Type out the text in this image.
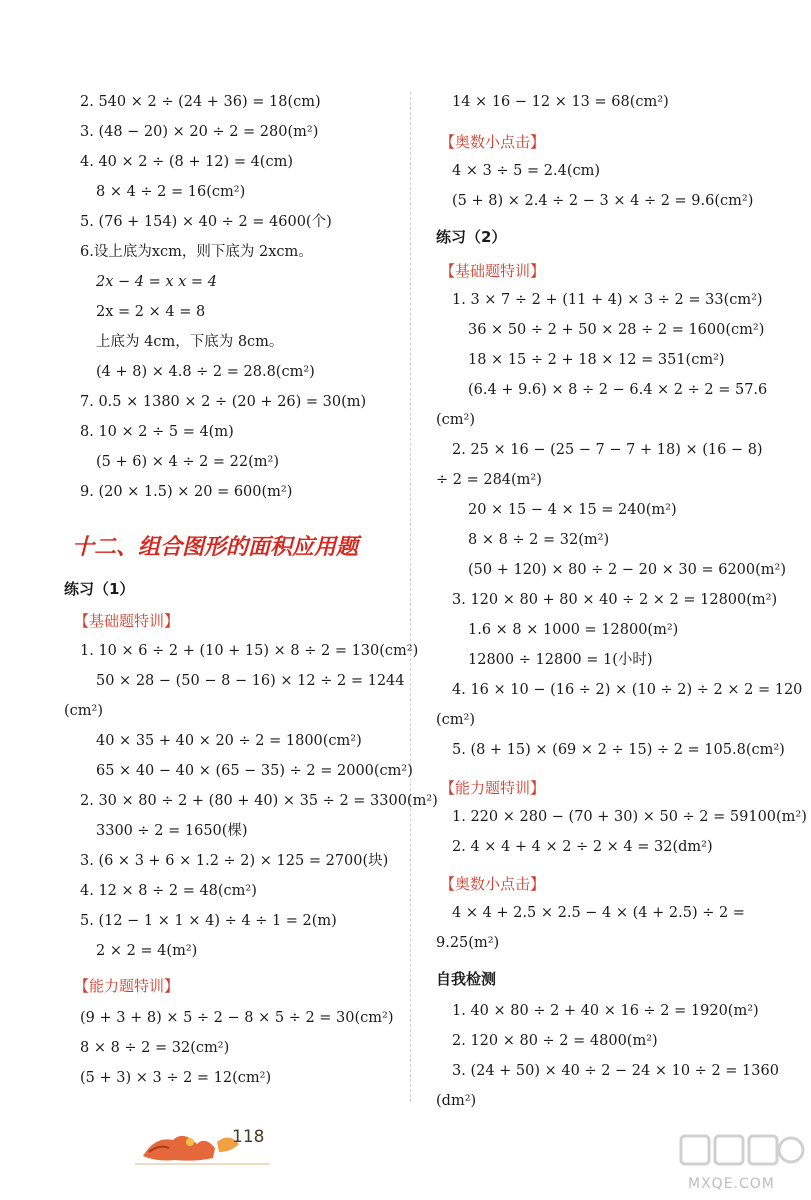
2. 540 × 2 ÷ (24 + 36) = 18(cm)
3. (48 − 20) × 20 ÷ 2 = 280(m²)
4. 40 × 2 ÷ (8 + 12) = 4(cm)
8 × 4 ÷ 2 = 16(cm²)
5. (76 + 154) × 40 ÷ 2 = 4600(个)
6.设上底为xcm，则下底为 2xcm。
2x − 4 = x x = 4
2x = 2 × 4 = 8
上底为 4cm，下底为 8cm。
(4 + 8) × 4.8 ÷ 2 = 28.8(cm²)
7. 0.5 × 1380 × 2 ÷ (20 + 26) = 30(m)
8. 10 × 2 ÷ 5 = 4(m)
(5 + 6) × 4 ÷ 2 = 22(m²)
9. (20 × 1.5) × 20 = 600(m²)
十二、组合图形的面积应用题
练习（1）
【基础题特训】
1. 10 × 6 ÷ 2 + (10 + 15) × 8 ÷ 2 = 130(cm²)
50 × 28 − (50 − 8 − 16) × 12 ÷ 2 = 1244
(cm²)
40 × 35 + 40 × 20 ÷ 2 = 1800(cm²)
65 × 40 − 40 × (65 − 35) ÷ 2 = 2000(cm²)
2. 30 × 80 ÷ 2 + (80 + 40) × 35 ÷ 2 = 3300(m²)
3300 ÷ 2 = 1650(棵)
3. (6 × 3 + 6 × 1.2 ÷ 2) × 125 = 2700(块)
4. 12 × 8 ÷ 2 = 48(cm²)
5. (12 − 1 × 1 × 4) ÷ 4 ÷ 1 = 2(m)
2 × 2 = 4(m²)
【能力题特训】
(9 + 3 + 8) × 5 ÷ 2 − 8 × 5 ÷ 2 = 30(cm²)
8 × 8 ÷ 2 = 32(cm²)
(5 + 3) × 3 ÷ 2 = 12(cm²)
14 × 16 − 12 × 13 = 68(cm²)
【奥数小点击】
4 × 3 ÷ 5 = 2.4(cm)
(5 + 8) × 2.4 ÷ 2 − 3 × 4 ÷ 2 = 9.6(cm²)
练习（2）
【基础题特训】
1. 3 × 7 ÷ 2 + (11 + 4) × 3 ÷ 2 = 33(cm²)
36 × 50 ÷ 2 + 50 × 28 ÷ 2 = 1600(cm²)
18 × 15 ÷ 2 + 18 × 12 = 351(cm²)
(6.4 + 9.6) × 8 ÷ 2 − 6.4 × 2 ÷ 2 = 57.6
(cm²)
2. 25 × 16 − (25 − 7 − 7 + 18) × (16 − 8)
÷ 2 = 284(m²)
20 × 15 − 4 × 15 = 240(m²)
8 × 8 ÷ 2 = 32(m²)
(50 + 120) × 80 ÷ 2 − 20 × 30 = 6200(m²)
3. 120 × 80 + 80 × 40 ÷ 2 × 2 = 12800(m²)
1.6 × 8 × 1000 = 12800(m²)
12800 ÷ 12800 = 1(小时)
4. 16 × 10 − (16 ÷ 2) × (10 ÷ 2) ÷ 2 × 2 = 120
(cm²)
5. (8 + 15) × (69 × 2 ÷ 15) ÷ 2 = 105.8(cm²)
【能力题特训】
1. 220 × 280 − (70 + 30) × 50 ÷ 2 = 59100(m²)
2. 4 × 4 + 4 × 2 ÷ 2 × 4 = 32(dm²)
【奥数小点击】
4 × 4 + 2.5 × 2.5 − 4 × (4 + 2.5) ÷ 2 =
9.25(m²)
自我检测
1. 40 × 80 ÷ 2 + 40 × 16 ÷ 2 = 1920(m²)
2. 120 × 80 ÷ 2 = 4800(m²)
3. (24 + 50) × 40 ÷ 2 − 24 × 10 ÷ 2 = 1360
(dm²)
118
MXQE.COM
